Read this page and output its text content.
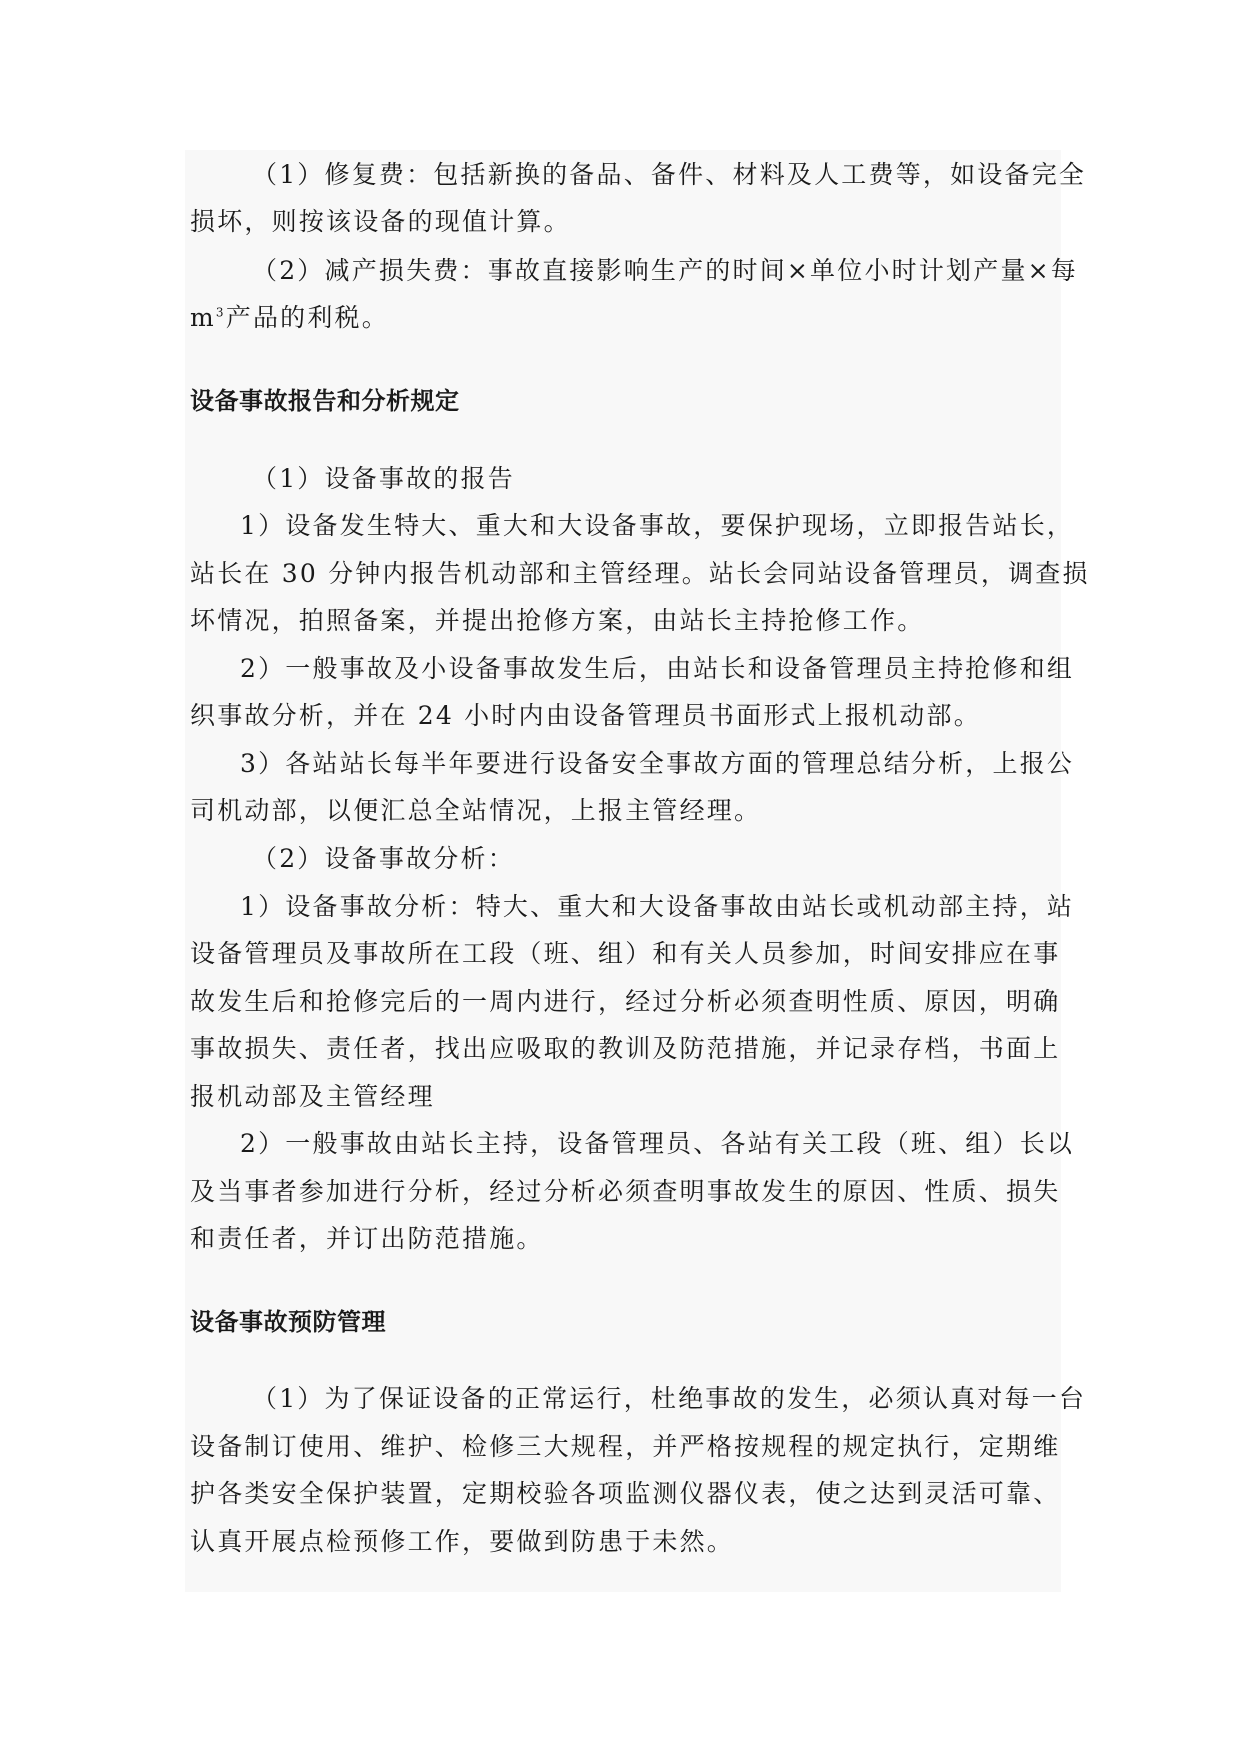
（1）修复费：包括新换的备品、备件、材料及人工费等，如设备完全
损坏，则按该设备的现值计算。
（2）减产损失费：事故直接影响生产的时间×单位小时计划产量×每
$m^3$产品的利税。
设备事故报告和分析规定
（1）设备事故的报告
1）设备发生特大、重大和大设备事故，要保护现场，立即报告站长，
站长在 30 分钟内报告机动部和主管经理。站长会同站设备管理员，调查损
坏情况，拍照备案，并提出抢修方案，由站长主持抢修工作。
2）一般事故及小设备事故发生后，由站长和设备管理员主持抢修和组
织事故分析，并在 24 小时内由设备管理员书面形式上报机动部。
3）各站站长每半年要进行设备安全事故方面的管理总结分析，上报公
司机动部，以便汇总全站情况，上报主管经理。
（2）设备事故分析：
1）设备事故分析：特大、重大和大设备事故由站长或机动部主持，站
设备管理员及事故所在工段（班、组）和有关人员参加，时间安排应在事
故发生后和抢修完后的一周内进行，经过分析必须查明性质、原因，明确
事故损失、责任者，找出应吸取的教训及防范措施，并记录存档，书面上
报机动部及主管经理
2）一般事故由站长主持，设备管理员、各站有关工段（班、组）长以
及当事者参加进行分析，经过分析必须查明事故发生的原因、性质、损失
和责任者，并订出防范措施。
设备事故预防管理
（1）为了保证设备的正常运行，杜绝事故的发生，必须认真对每一台
设备制订使用、维护、检修三大规程，并严格按规程的规定执行，定期维
护各类安全保护装置，定期校验各项监测仪器仪表，使之达到灵活可靠、
认真开展点检预修工作，要做到防患于未然。
